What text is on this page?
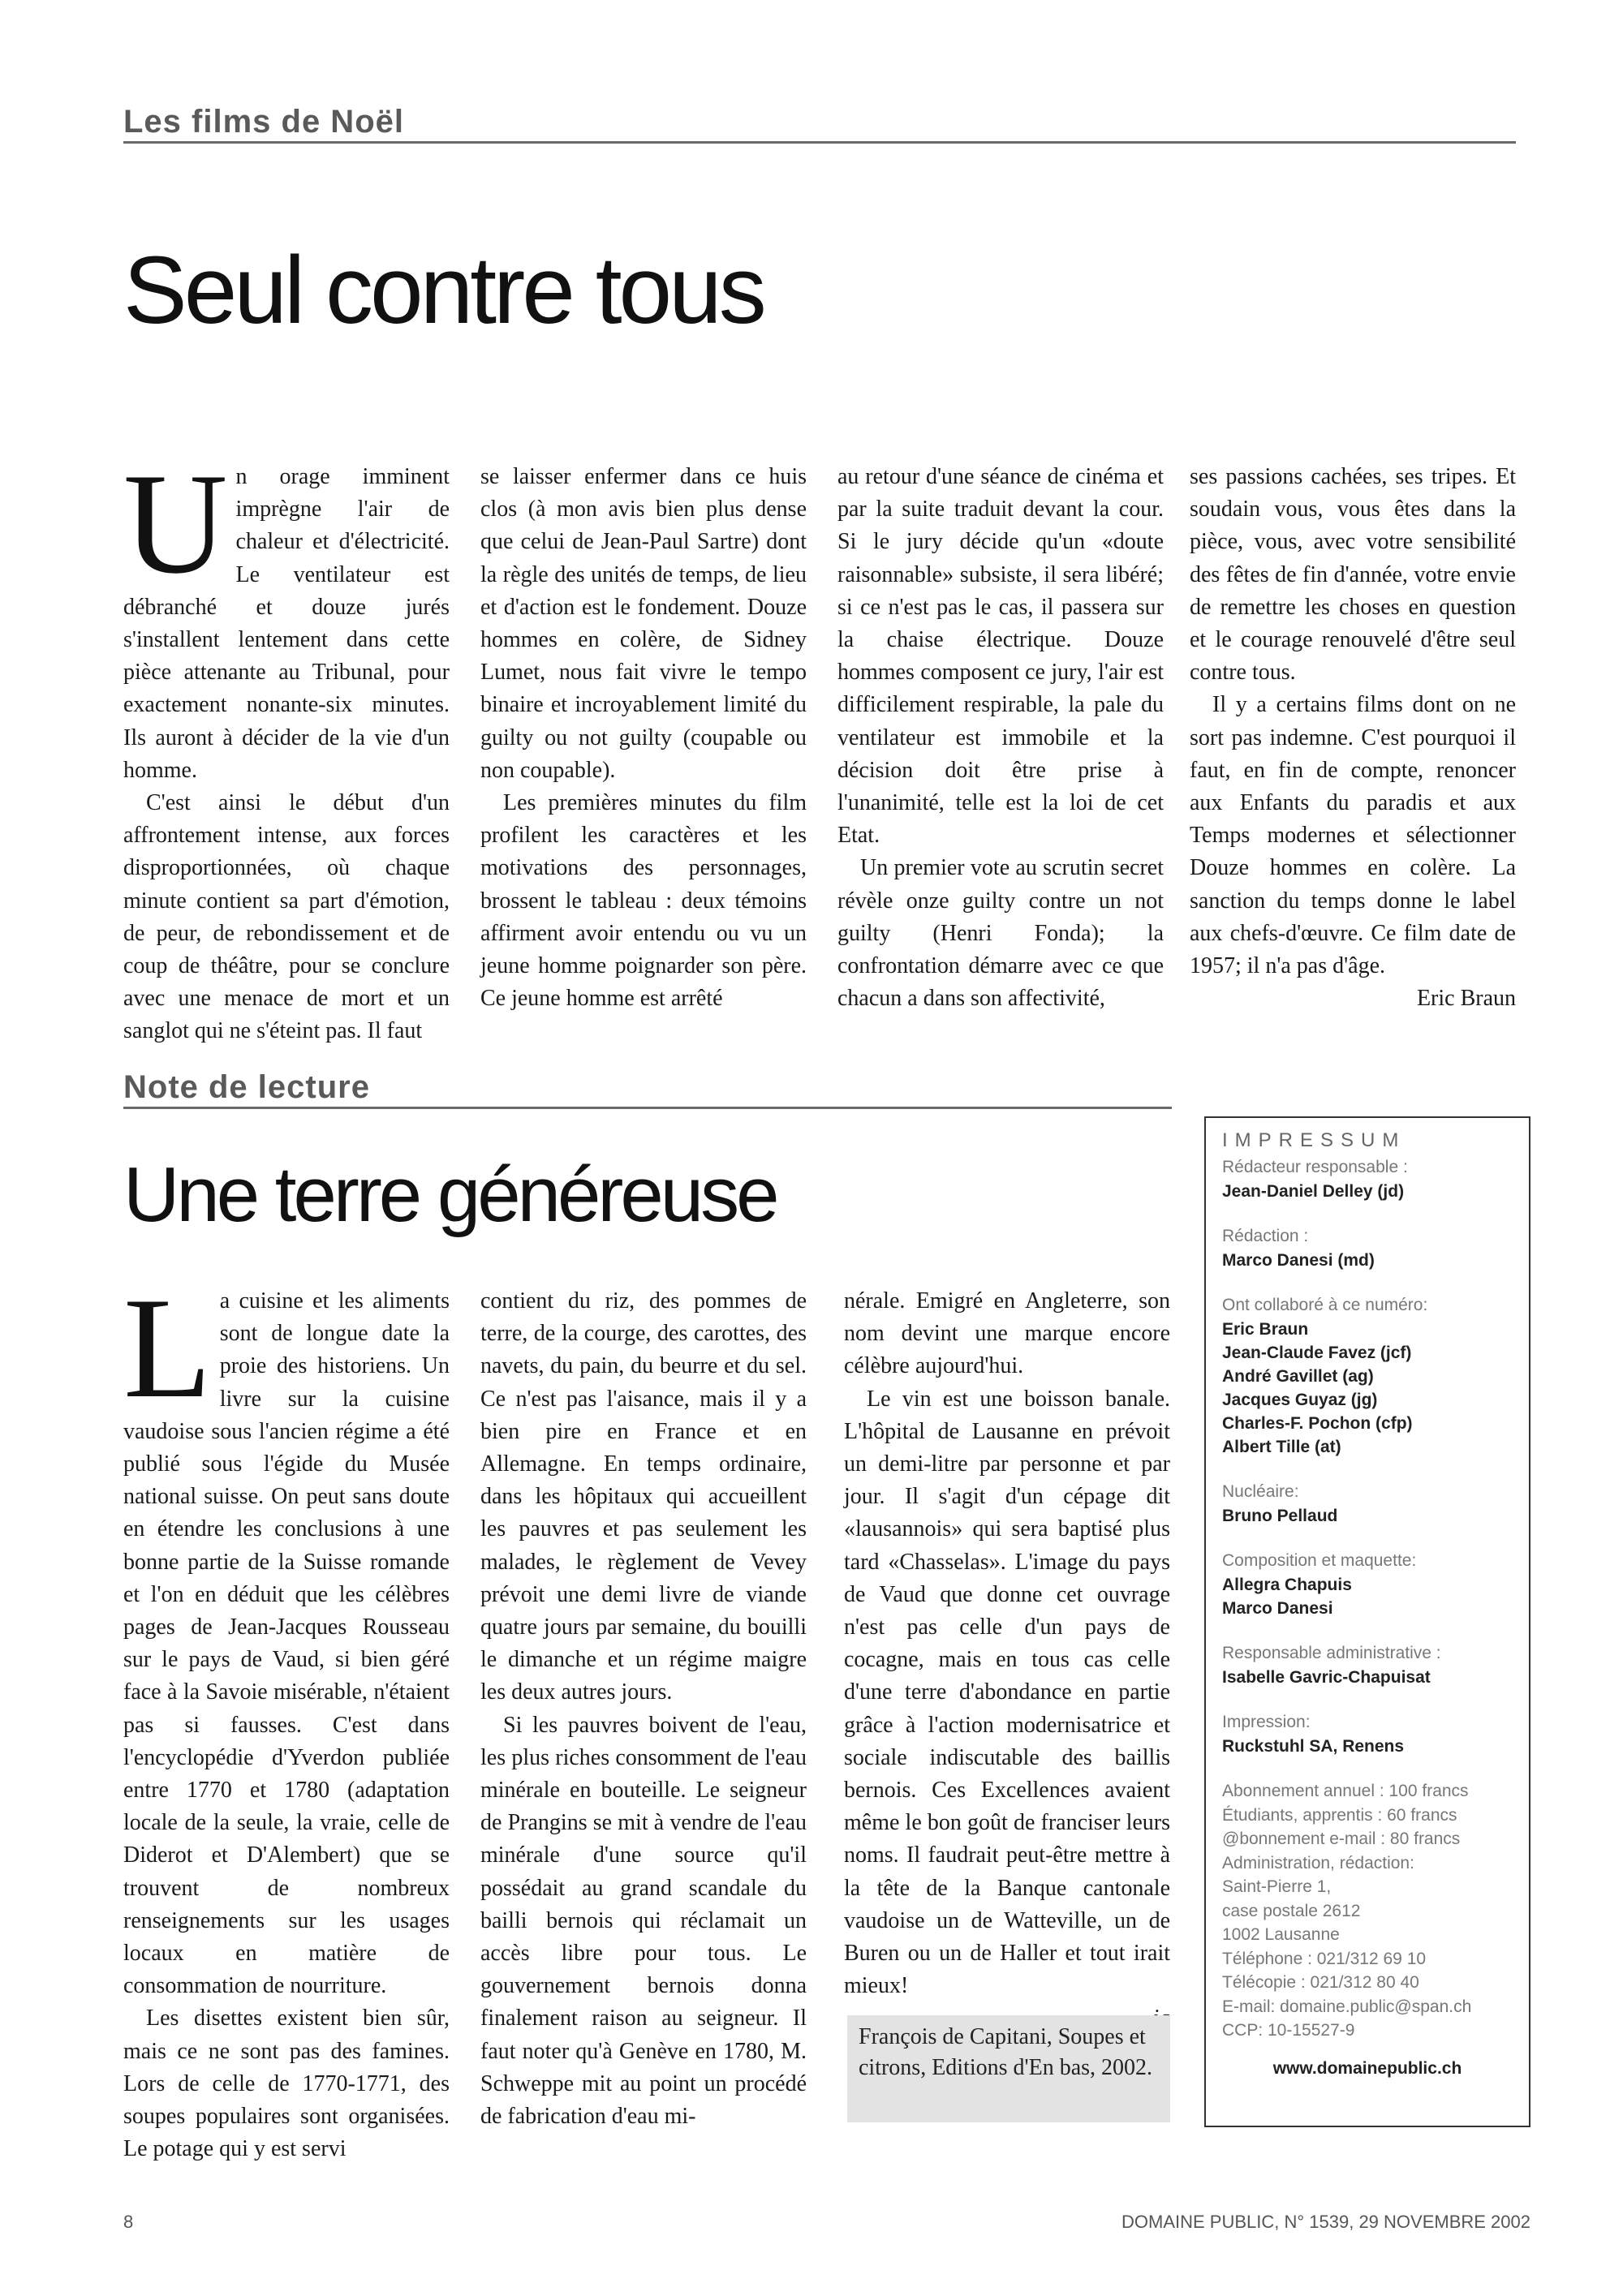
Les films de Noël
Seul contre tous
U n orage imminent imprègne l'air de chaleur et d'électricité. Le ventilateur est débranché et douze jurés s'installent lentement dans cette pièce attenante au Tribunal, pour exactement nonante-six minutes. Ils auront à décider de la vie d'un homme.

C'est ainsi le début d'un affrontement intense, aux forces disproportionnées, où chaque minute contient sa part d'émotion, de peur, de rebondissement et de coup de théâtre, pour se conclure avec une menace de mort et un sanglot qui ne s'éteint pas. Il faut

se laisser enfermer dans ce huis clos (à mon avis bien plus dense que celui de Jean-Paul Sartre) dont la règle des unités de temps, de lieu et d'action est le fondement. Douze hommes en colère, de Sidney Lumet, nous fait vivre le tempo binaire et incroyablement limité du guilty ou not guilty (coupable ou non coupable).

Les premières minutes du film profilent les caractères et les motivations des personnages, brossent le tableau : deux témoins affirment avoir entendu ou vu un jeune homme poignarder son père. Ce jeune homme est arrêté

au retour d'une séance de cinéma et par la suite traduit devant la cour. Si le jury décide qu'un «doute raisonnable» subsiste, il sera libéré; si ce n'est pas le cas, il passera sur la chaise électrique. Douze hommes composent ce jury, l'air est difficilement respirable, la pale du ventilateur est immobile et la décision doit être prise à l'unanimité, telle est la loi de cet Etat.

Un premier vote au scrutin secret révèle onze guilty contre un not guilty (Henri Fonda); la confrontation démarre avec ce que chacun a dans son affectivité,

ses passions cachées, ses tripes. Et soudain vous, vous êtes dans la pièce, vous, avec votre sensibilité des fêtes de fin d'année, votre envie de remettre les choses en question et le courage renouvelé d'être seul contre tous.

Il y a certains films dont on ne sort pas indemne. C'est pourquoi il faut, en fin de compte, renoncer aux Enfants du paradis et aux Temps modernes et sélectionner Douze hommes en colère. La sanction du temps donne le label aux chefs-d'œuvre. Ce film date de 1957; il n'a pas d'âge.

Eric Braun

Note de lecture
Une terre généreuse
L a cuisine et les aliments sont de longue date la proie des historiens. Un livre sur la cuisine vaudoise sous l'ancien régime a été publié sous l'égide du Musée national suisse. On peut sans doute en étendre les conclusions à une bonne partie de la Suisse romande et l'on en déduit que les célèbres pages de Jean-Jacques Rousseau sur le pays de Vaud, si bien géré face à la Savoie misérable, n'étaient pas si fausses. C'est dans l'encyclopédie d'Yverdon publiée entre 1770 et 1780 (adaptation locale de la seule, la vraie, celle de Diderot et D'Alembert) que se trouvent de nombreux renseignements sur les usages locaux en matière de consommation de nourriture.

Les disettes existent bien sûr, mais ce ne sont pas des famines. Lors de celle de 1770-1771, des soupes populaires sont organisées. Le potage qui y est servi

contient du riz, des pommes de terre, de la courge, des carottes, des navets, du pain, du beurre et du sel. Ce n'est pas l'aisance, mais il y a bien pire en France et en Allemagne. En temps ordinaire, dans les hôpitaux qui accueillent les pauvres et pas seulement les malades, le règlement de Vevey prévoit une demi livre de viande quatre jours par semaine, du bouilli le dimanche et un régime maigre les deux autres jours.

Si les pauvres boivent de l'eau, les plus riches consomment de l'eau minérale en bouteille. Le seigneur de Prangins se mit à vendre de l'eau minérale d'une source qu'il possédait au grand scandale du bailli bernois qui réclamait un accès libre pour tous. Le gouvernement bernois donna finalement raison au seigneur. Il faut noter qu'à Genève en 1780, M. Schweppe mit au point un procédé de fabrication d'eau mi-

nérale. Emigré en Angleterre, son nom devint une marque encore célèbre aujourd'hui.

Le vin est une boisson banale. L'hôpital de Lausanne en prévoit un demi-litre par personne et par jour. Il s'agit d'un cépage dit «lausannois» qui sera baptisé plus tard «Chasselas». L'image du pays de Vaud que donne cet ouvrage n'est pas celle d'un pays de cocagne, mais en tous cas celle d'une terre d'abondance en partie grâce à l'action modernisatrice et sociale indiscutable des baillis bernois. Ces Excellences avaient même le bon goût de franciser leurs noms. Il faudrait peut-être mettre à la tête de la Banque cantonale vaudoise un de Watteville, un de Buren ou un de Haller et tout irait mieux!

François de Capitani, Soupes et citrons, Editions d'En bas, 2002.
IMPRESSUM
Rédacteur responsable :
Jean-Daniel Delley (jd)
Rédaction :
Marco Danesi (md)
Ont collaboré à ce numéro:
Eric Braun
Jean-Claude Favez (jcf)
André Gavillet (ag)
Jacques Guyaz (jg)
Charles-F. Pochon (cfp)
Albert Tille (at)
Nucléaire:
Bruno Pellaud
Composition et maquette:
Allegra Chapuis
Marco Danesi
Responsable administrative :
Isabelle Gavric-Chapuisat
Impression:
Ruckstuhl SA, Renens
Abonnement annuel : 100 francs
Étudiants, apprentis : 60 francs
@bonnement e-mail : 80 francs
Administration, rédaction:
Saint-Pierre 1,
case postale 2612
1002 Lausanne
Téléphone : 021/312 69 10
Télécopie : 021/312 80 40
E-mail: domaine.public@span.ch
CCP: 10-15527-9
www.domainepublic.ch
8	DOMAINE PUBLIC, N° 1539, 29 NOVEMBRE 2002
